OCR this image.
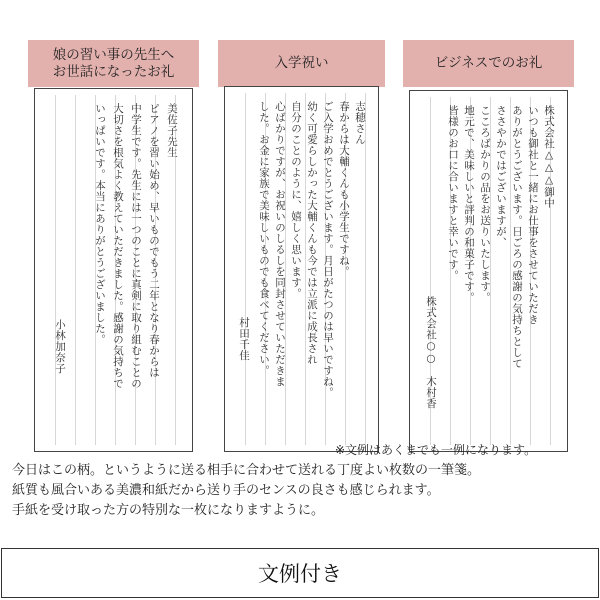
娘の習い事の先生へ
お世話になったお礼
美佐子先生
ピアノを習い始め、早いものでもう二年となり春からは
中学生です。先生には一つのことに真剣に取り組むことの
大切さを根気よく教えていただきました。感謝の気持ちで
いっぱいです。本当にありがとうございました。
小林加奈子
入学祝い
志穂さん
春からは大輔くんも小学生ですね。
ご入学おめでとうございます。月日がたつのは早いですね。
幼く可愛らしかった大輔くんも今では立派に成長され
自分のことのように、嬉しく思います。
心ばかりですが、お祝いのしるしを同封させていただきま
した。お金に家族で美味しいものでも食べてください。
村田千佳
ビジネスでのお礼
株式会社△△△御中
いつも御社と一緒にお仕事をさせていただき
ありがとうございます。日ごろの感謝の気持ちとして
ささやかではございますが、
こころばかりの品をお送りいたします。
地元で、美味しいと評判の和菓子です。
皆様のお口に合いますと幸いです。
株式会社○○　木村香
※文例はあくまでも一例になります。

今日はこの柄。というように送る相手に合わせて送れる丁度よい枚数の一筆箋。

紙質も風合いある美濃和紙だから送り手のセンスの良さも感じられます。

手紙を受け取った方の特別な一枚になりますように。

文例付き
